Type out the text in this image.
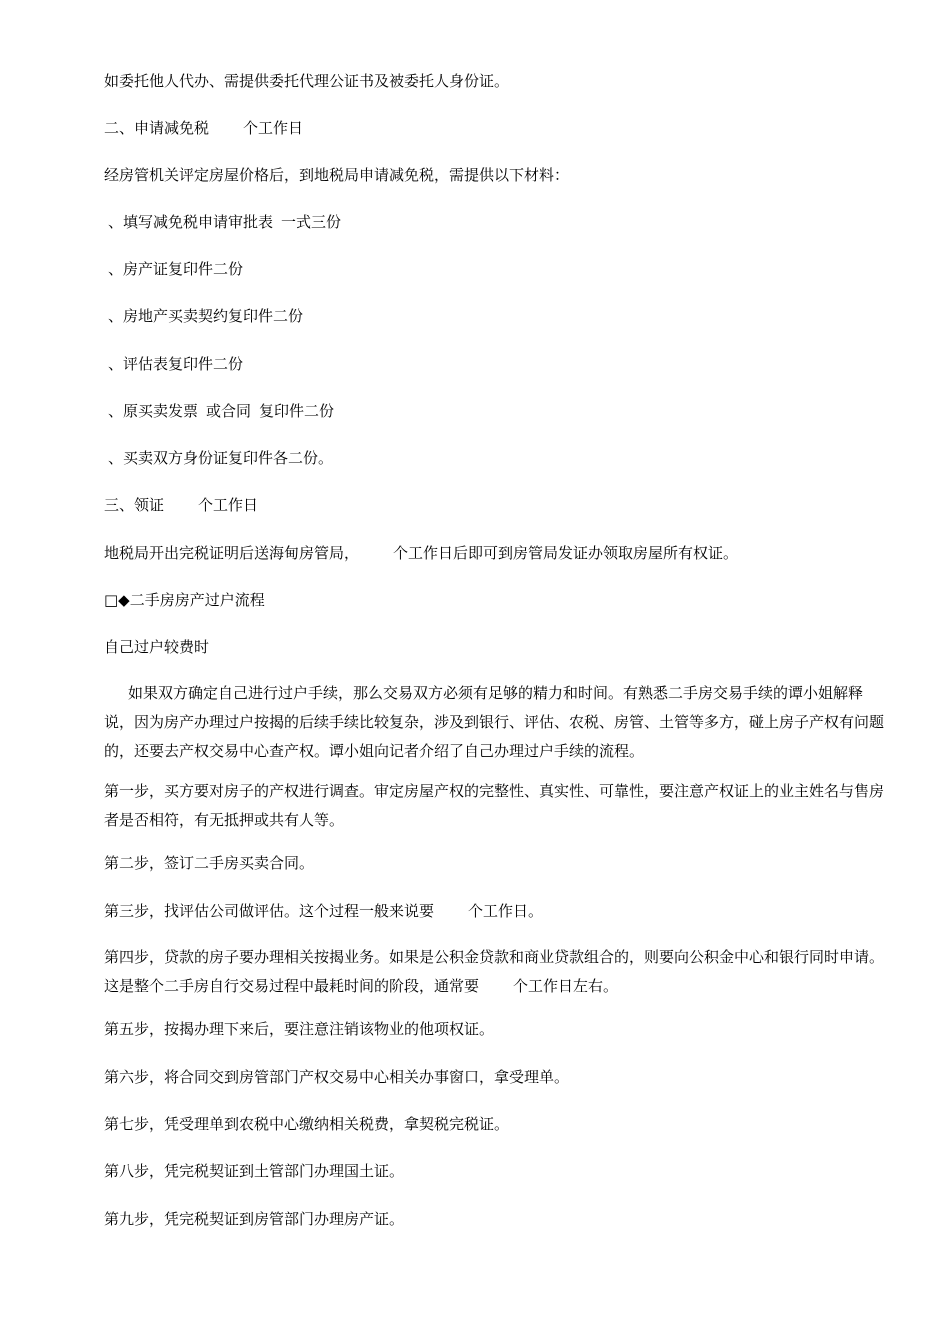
如委托他人代办、需提供委托代理公证书及被委托人身份证。
二、申请减免税 个工作日
经房管机关评定房屋价格后，到地税局申请减免税，需提供以下材料：
、填写减免税申请审批表 一式三份
、房产证复印件二份
、房地产买卖契约复印件二份
、评估表复印件二份
、原买卖发票 或合同 复印件二份
、买卖双方身份证复印件各二份。
三、领证 个工作日
地税局开出完税证明后送海甸房管局， 个工作日后即可到房管局发证办领取房屋所有权证。
□◆二手房房产过户流程
自己过户较费时
如果双方确定自己进行过户手续，那么交易双方必须有足够的精力和时间。有熟悉二手房交易手续的谭小姐解释说，因为房产办理过户按揭的后续手续比较复杂，涉及到银行、评估、农税、房管、土管等多方，碰上房子产权有问题的，还要去产权交易中心查产权。谭小姐向记者介绍了自己办理过户手续的流程。
第一步，买方要对房子的产权进行调查。审定房屋产权的完整性、真实性、可靠性，要注意产权证上的业主姓名与售房者是否相符，有无抵押或共有人等。
第二步，签订二手房买卖合同。
第三步，找评估公司做评估。这个过程一般来说要 个工作日。
第四步，贷款的房子要办理相关按揭业务。如果是公积金贷款和商业贷款组合的，则要向公积金中心和银行同时申请。这是整个二手房自行交易过程中最耗时间的阶段，通常要 个工作日左右。
第五步，按揭办理下来后，要注意注销该物业的他项权证。
第六步，将合同交到房管部门产权交易中心相关办事窗口，拿受理单。
第七步，凭受理单到农税中心缴纳相关税费，拿契税完税证。
第八步，凭完税契证到土管部门办理国土证。
第九步，凭完税契证到房管部门办理房产证。
